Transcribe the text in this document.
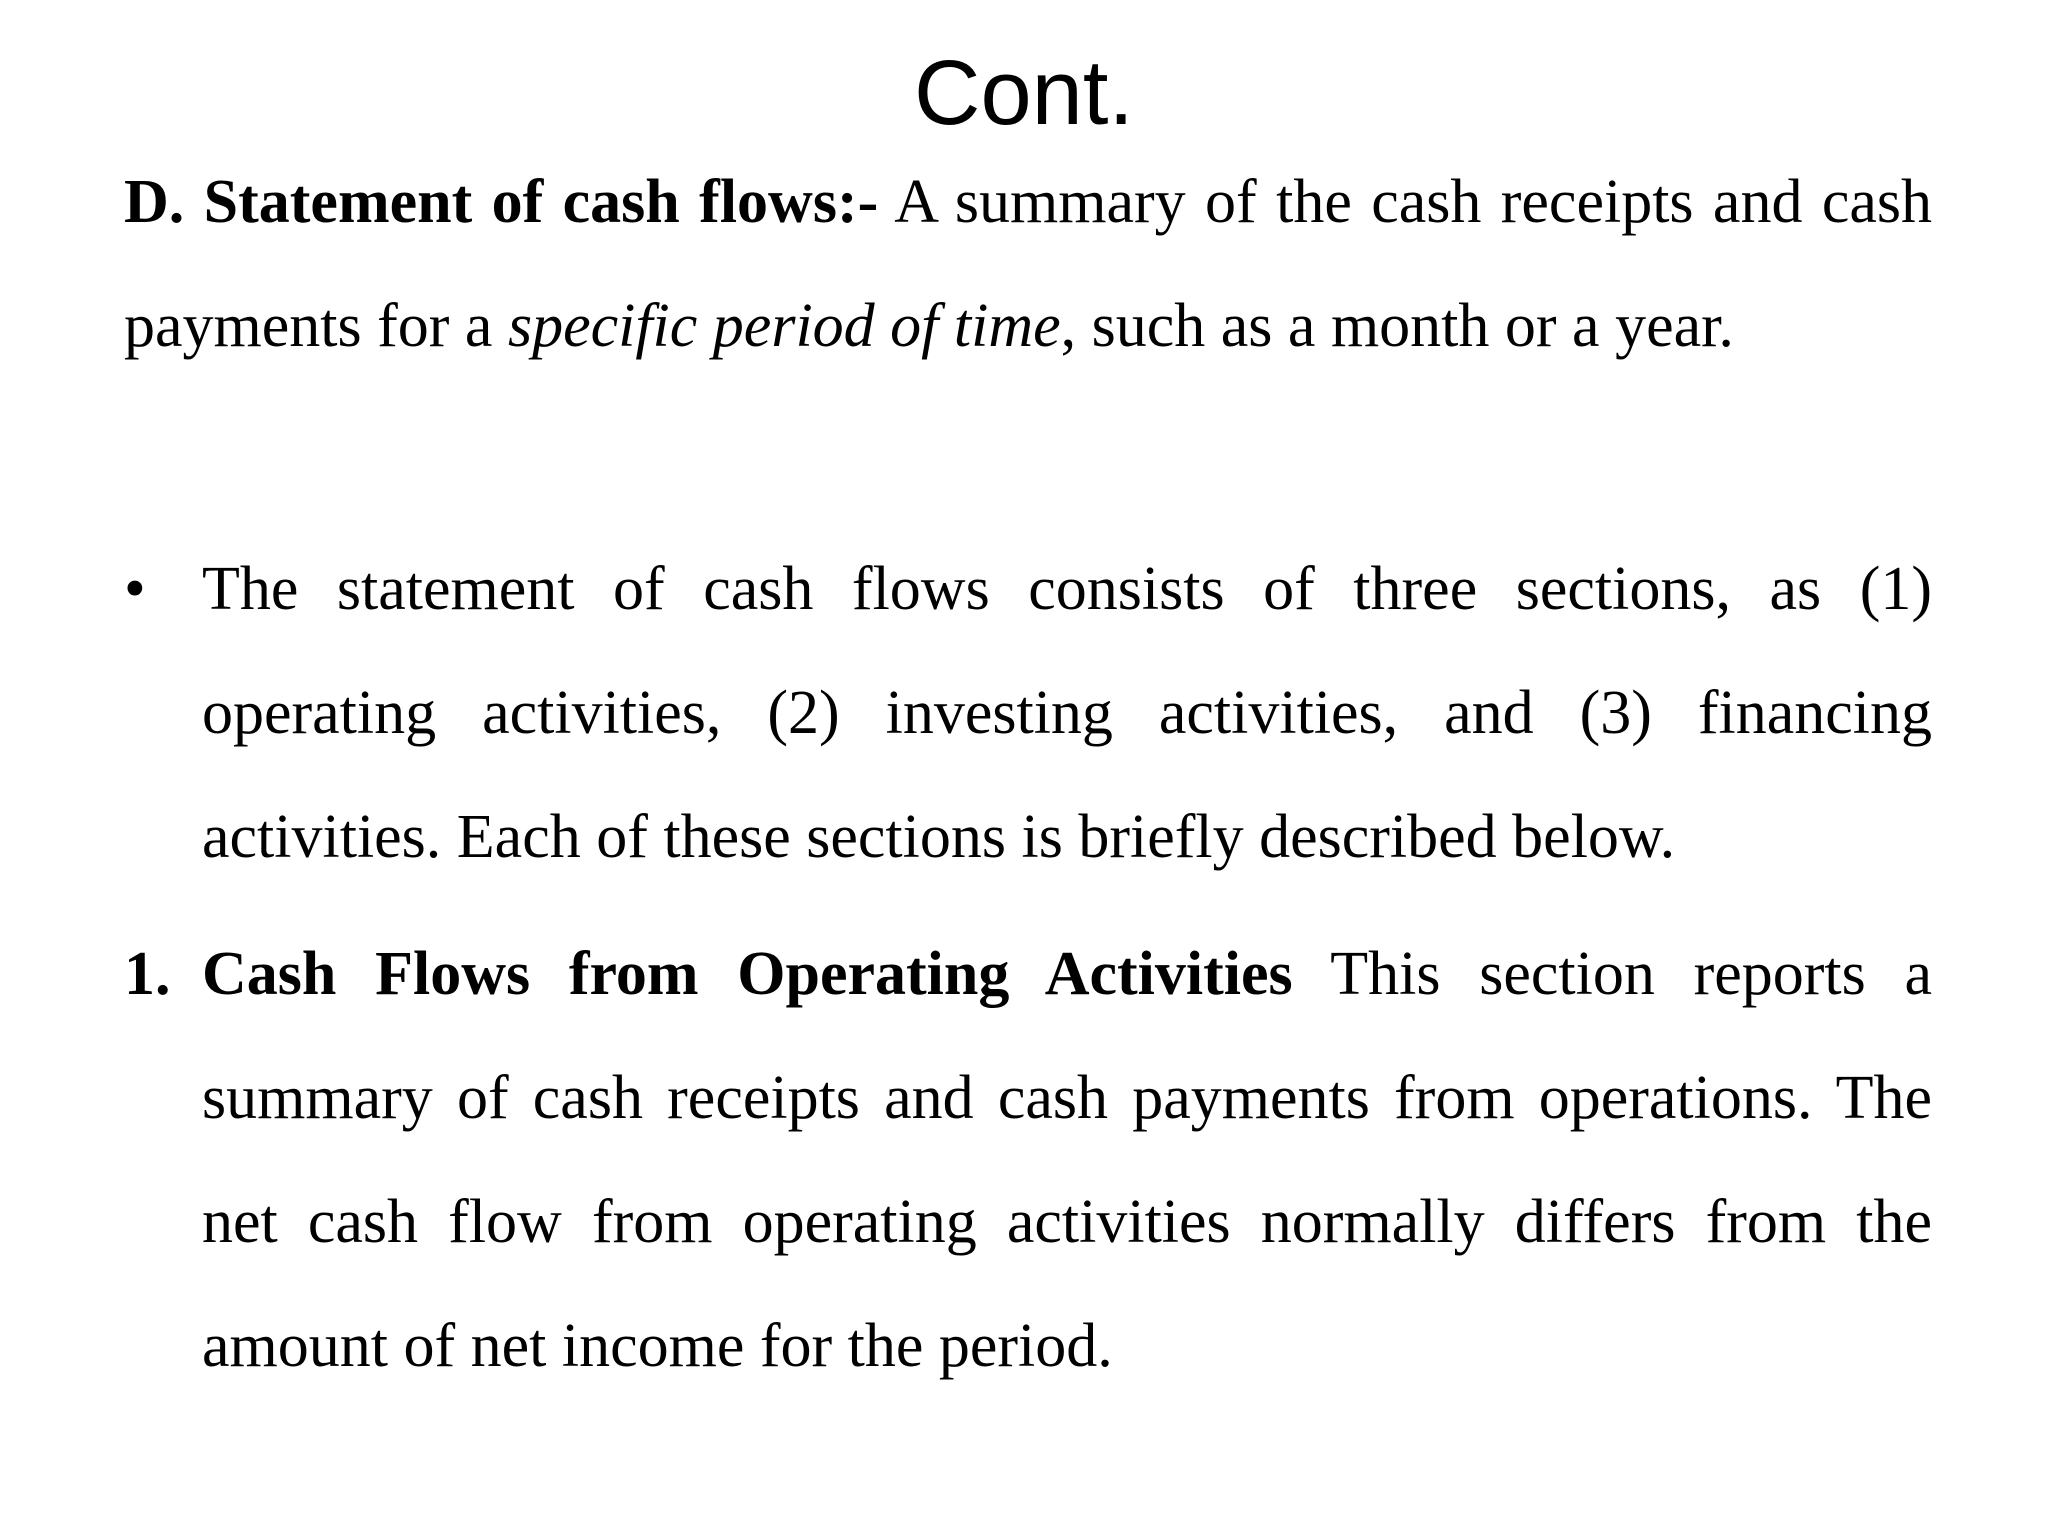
Cont.
D. Statement of cash flows:- A summary of the cash receipts and cash payments for a specific period of time, such as a month or a year.
• The statement of cash flows consists of three sections, as (1) operating activities, (2) investing activities, and (3) financing activities. Each of these sections is briefly described below.
1. Cash Flows from Operating Activities This section reports a summary of cash receipts and cash payments from operations. The net cash flow from operating activities normally differs from the amount of net income for the period.
